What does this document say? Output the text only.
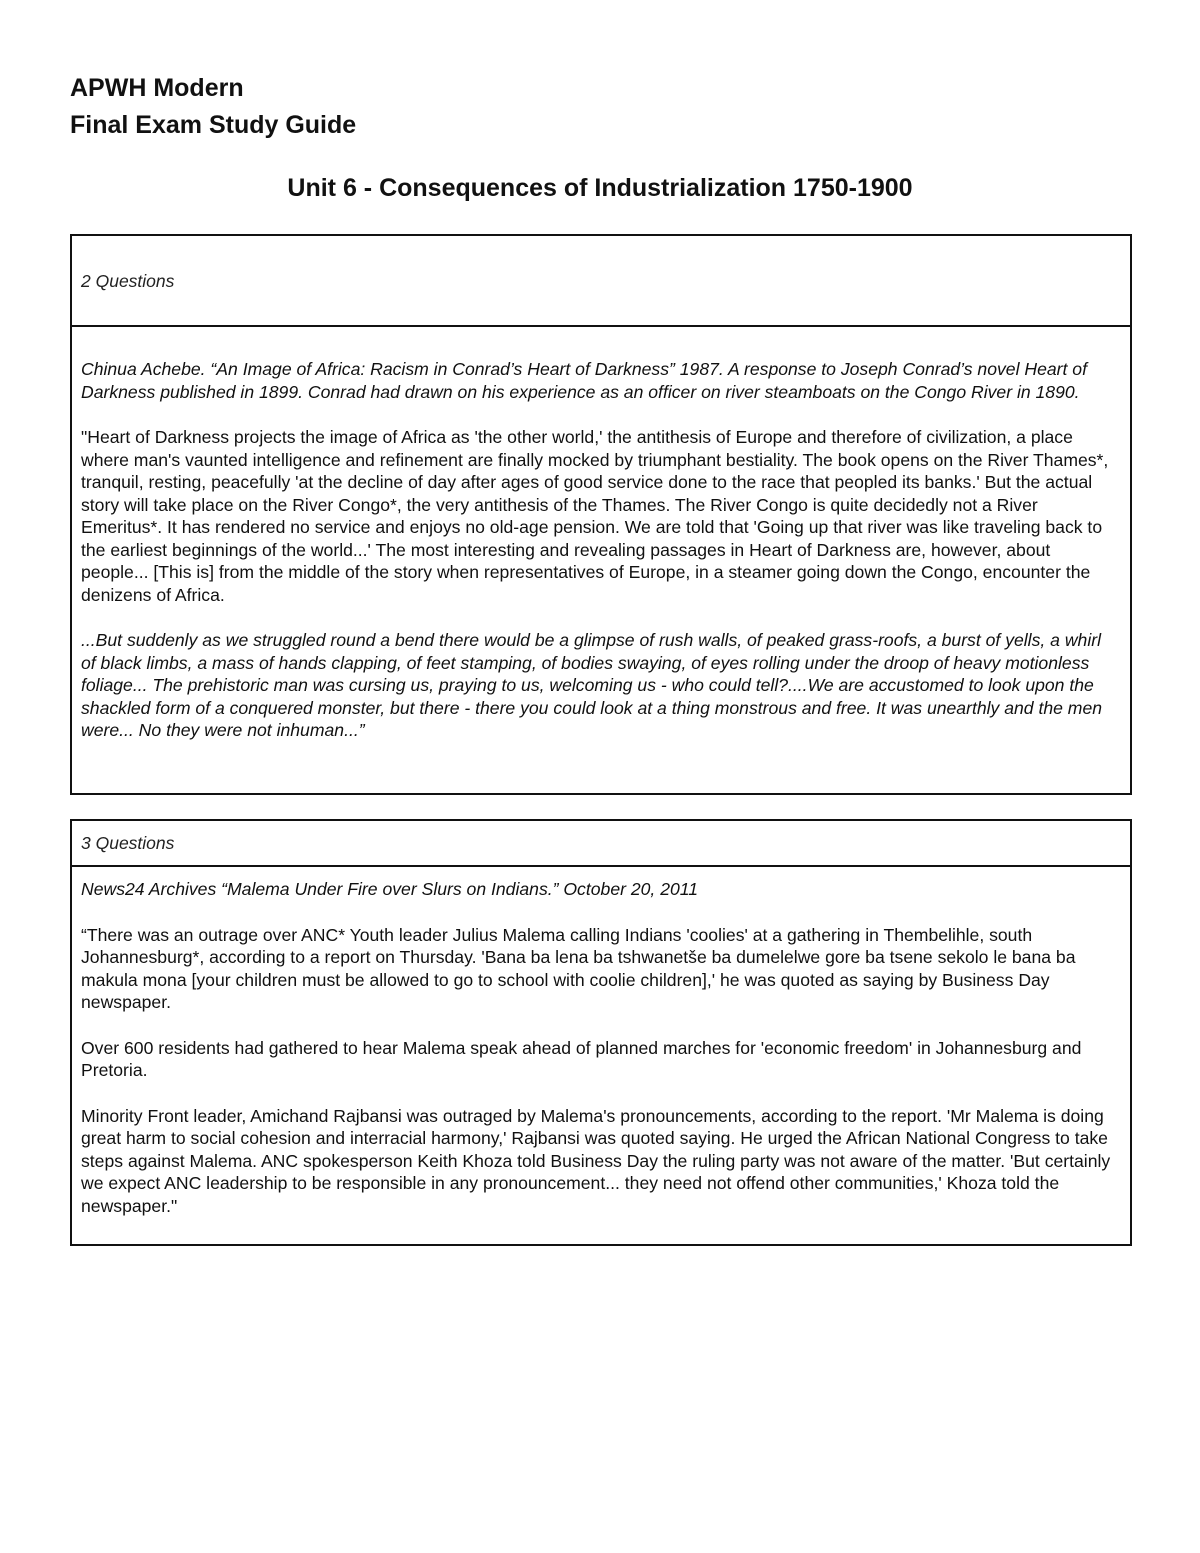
APWH Modern
Final Exam Study Guide
Unit 6 - Consequences of Industrialization 1750-1900
2 Questions

Chinua Achebe. “An Image of Africa: Racism in Conrad’s Heart of Darkness” 1987. A response to Joseph Conrad’s novel Heart of Darkness published in 1899. Conrad had drawn on his experience as an officer on river steamboats on the Congo River in 1890.

"Heart of Darkness projects the image of Africa as 'the other world,' the antithesis of Europe and therefore of civilization, a place where man's vaunted intelligence and refinement are finally mocked by triumphant bestiality. The book opens on the River Thames*, tranquil, resting, peacefully 'at the decline of day after ages of good service done to the race that peopled its banks.' But the actual story will take place on the River Congo*, the very antithesis of the Thames. The River Congo is quite decidedly not a River Emeritus*. It has rendered no service and enjoys no old-age pension. We are told that 'Going up that river was like traveling back to the earliest beginnings of the world...' The most interesting and revealing passages in Heart of Darkness are, however, about people... [This is] from the middle of the story when representatives of Europe, in a steamer going down the Congo, encounter the denizens of Africa.

...But suddenly as we struggled round a bend there would be a glimpse of rush walls, of peaked grass-roofs, a burst of yells, a whirl of black limbs, a mass of hands clapping, of feet stamping, of bodies swaying, of eyes rolling under the droop of heavy motionless foliage... The prehistoric man was cursing us, praying to us, welcoming us - who could tell?....We are accustomed to look upon the shackled form of a conquered monster, but there - there you could look at a thing monstrous and free. It was unearthly and the men were... No they were not inhuman...”

3 Questions

News24 Archives “Malema Under Fire over Slurs on Indians.” October 20, 2011

“There was an outrage over ANC* Youth leader Julius Malema calling Indians 'coolies' at a gathering in Thembelihle, south Johannesburg*, according to a report on Thursday. 'Bana ba lena ba tshwanetše ba dumelelwe gore ba tsene sekolo le bana ba makula mona [your children must be allowed to go to school with coolie children],' he was quoted as saying by Business Day newspaper.

Over 600 residents had gathered to hear Malema speak ahead of planned marches for 'economic freedom' in Johannesburg and Pretoria.

Minority Front leader, Amichand Rajbansi was outraged by Malema's pronouncements, according to the report. 'Mr Malema is doing great harm to social cohesion and interracial harmony,' Rajbansi was quoted saying. He urged the African National Congress to take steps against Malema. ANC spokesperson Keith Khoza told Business Day the ruling party was not aware of the matter. 'But certainly we expect ANC leadership to be responsible in any pronouncement... they need not offend other communities,' Khoza told the newspaper."
